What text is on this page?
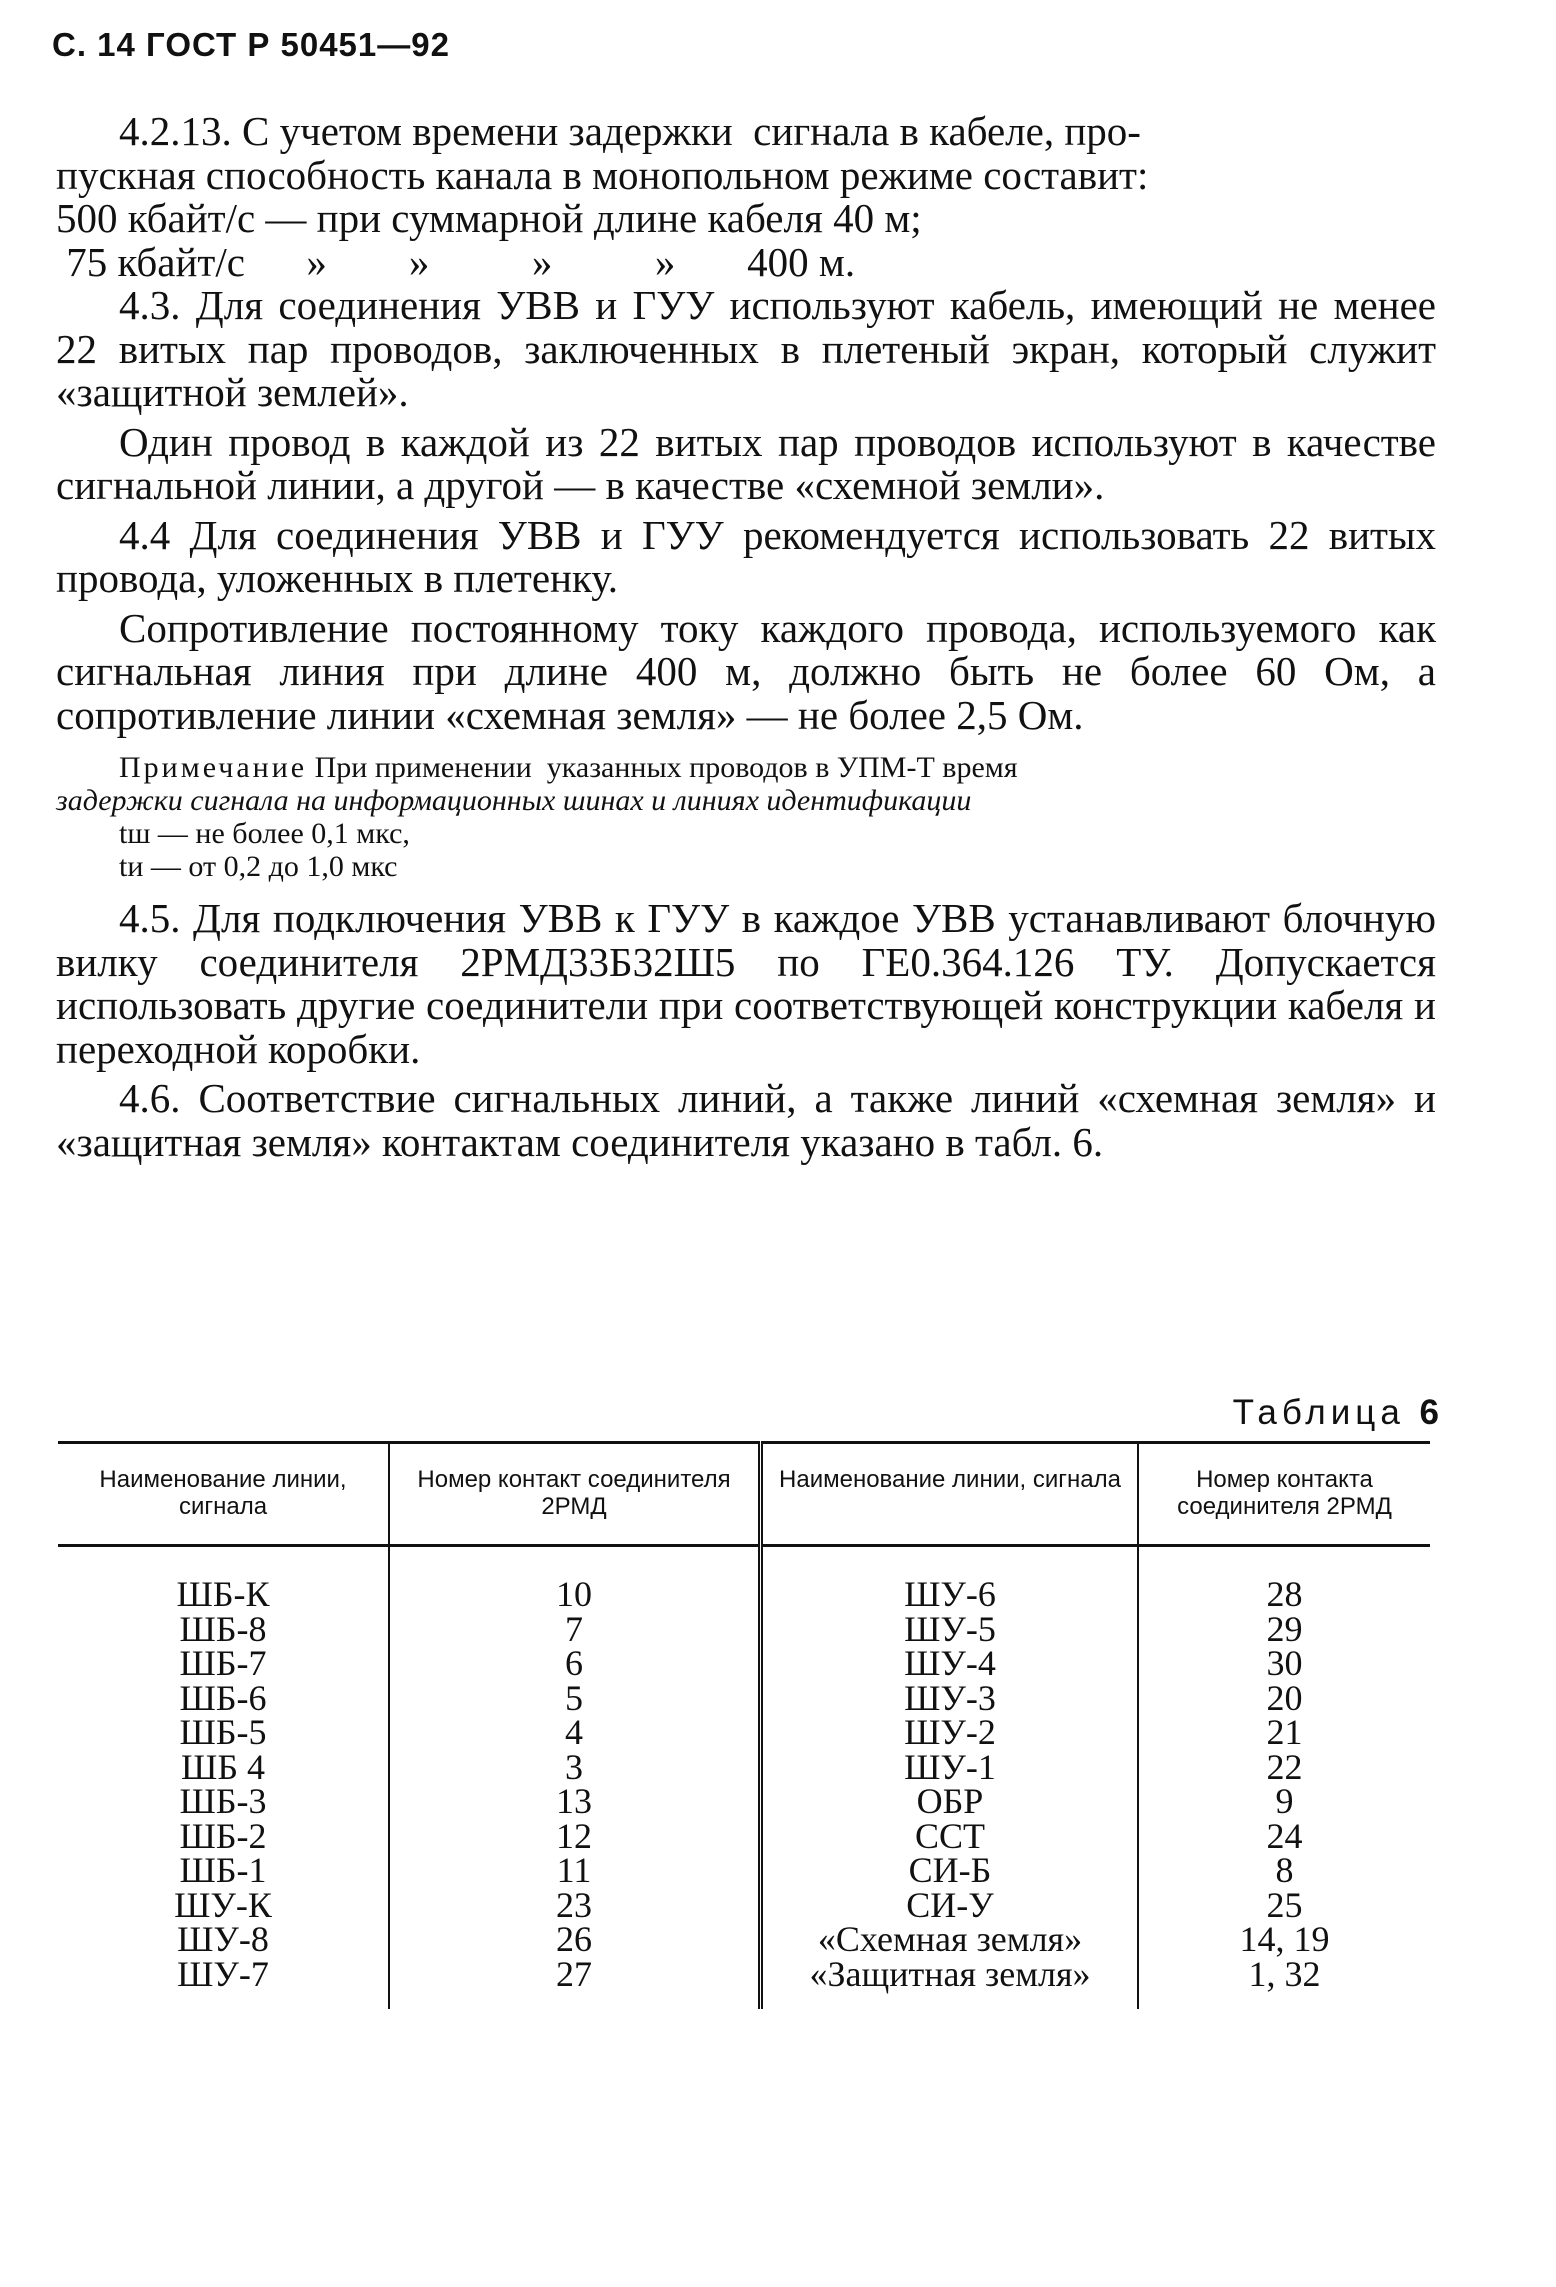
С. 14 ГОСТ Р 50451—92
4.2.13. С учетом времени задержки  сигнала в кабеле, про-
пускная способность канала в монопольном режиме составит:
500 кбайт/с — при суммарной длине кабеля 40 м;
75 кбайт/с      »        »          »          »       400 м.

4.3. Для соединения УВВ и ГУУ используют кабель, имеющий не менее 22 витых пар проводов, заключенных в плетеный экран, который служит «защитной землей».

Один провод в каждой из 22 витых пар проводов используют в качестве сигнальной линии, а другой — в качестве «схемной земли».

4.4 Для соединения УВВ и ГУУ рекомендуется использовать 22 витых провода, уложенных в плетенку.

Сопротивление постоянному току каждого провода, используемого как сигнальная линия при длине 400 м, должно быть не более 60 Ом, а сопротивление линии «схемная земля» — не более 2,5 Ом.

Примечание При применении  указанных проводов в УПМ-Т время
задержки сигнала на информационных шинах и линиях идентификации
tш — не более 0,1 мкс,
tи — от 0,2 до 1,0 мкс

4.5. Для подключения УВВ к ГУУ в каждое УВВ устанавливают блочную вилку соединителя 2РМД33Б32Ш5 по ГЕ0.364.126 ТУ. Допускается использовать другие соединители при соответствующей конструкции кабеля и переходной коробки.

4.6. Соответствие сигнальных линий, а также линий «схемная земля» и «защитная земля» контактам соединителя указано в табл. 6.

Таблица 6
Наименование линии, сигнала	Номер контакт соединителя 2РМД	Наименование линии, сигнала	Номер контакта соединителя 2РМД
ШБ-К	10	ШУ-6	28
ШБ-8	7	ШУ-5	29
ШБ-7	6	ШУ-4	30
ШБ-6	5	ШУ-3	20
ШБ-5	4	ШУ-2	21
ШБ 4	3	ШУ-1	22
ШБ-3	13	ОБР	9
ШБ-2	12	ССТ	24
ШБ-1	11	СИ-Б	8
ШУ-К	23	СИ-У	25
ШУ-8	26	«Схемная земля»	14, 19
ШУ-7	27	«Защитная земля»	1, 32
